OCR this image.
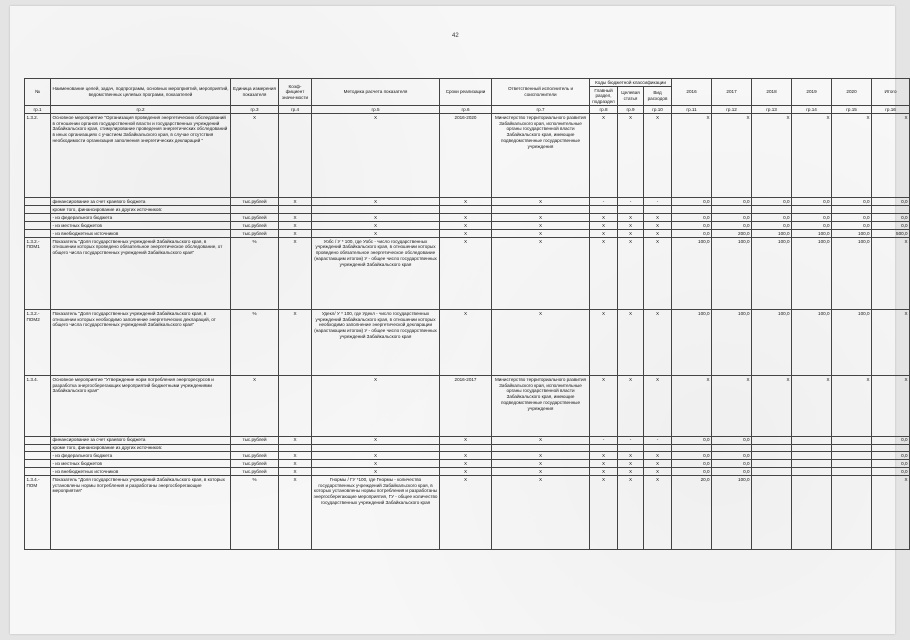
42
№	Наименование целей, задач, подпрограмм, основных мероприятий, мероприятий, ведомственных целевых программ, показателей	Единица измерения показателя	Коэф-фициент значи-мости	Методика расчета показателя	Сроки реализации	Ответственный исполнитель и соисполнители	Коды бюджетной классификации			2016	2017	2018	2019	2020	Итого
							Главный раздел, подраздел	Целевая статья	Вид расходов						
гр.1	гр.2	гр.3	гр.4	гр.5	гр.6	гр.7	гр.8	гр.9	гр.10	гр.11	гр.12	гр.13	гр.14	гр.15	гр.16
1.3.2.	Основное мероприятие "Организация проведения энергетических обследований в отношении органов государственной власти и государственных учреждений Забайкальского края, стимулирование проведения энергетических обследований в иных организациях с участием Забайкальского края, в случае отсутствия необходимости организация заполнения энергетических деклараций "	X		X	2016-2020	Министерство территориального развития Забайкальского края, исполнительные органы государственной власти Забайкальского края, имеющие подведомственные государственные учреждения	X	X	X	X	X	X	X	X	X
	финансирование за счет краевого бюджета	тыс.рублей	X	X	X	X	-	-	-	0,0	0,0	0,0	0,0	0,0	0,0
	кроме того, финансирование из других источников:														
	- из федерального бюджета	тыс.рублей	X	X	X	X	X	X	X	0,0	0,0	0,0	0,0	0,0	0,0
	- из местных бюджетов	тыс.рублей	X	X	X	X	X	X	X	0,0	0,0	0,0	0,0	0,0	0,0
	- из внебюджетных источников	тыс.рублей	X	X	X	X	X	X	X	0,0	200,0	100,0	100,0	100,0	500,0
1.3.2.-ПОМ1	Показатель "Доля государственных учреждений Забайкальского края, в отношении которых проведено обязательное энергетическое обследование, от общего числа государственных учреждений Забайкальского края"	%	X	Уобс / У * 100, где Уобс - число государственных учреждений Забайкальского края, в отношении которых проведено обязательное энергетическое обследование (нарастающим итогом) У - общее число государственных учреждений Забайкальского края	X	X	X	X	X	100,0	100,0	100,0	100,0	100,0	X
1.3.2.-ПОМ2	Показатель "Доля государственных учреждений Забайкальского края, в отношении которых необходимо заполнение энергетических деклараций, от общего числа государственных учреждений Забайкальского края"	%	X	Удекл/ У * 100, где Удекл - число государственных учреждений Забайкальского края, в отношении которых необходимо заполнение энергетической декларации (нарастающим итогом) У - общее число государственных учреждений Забайкальского края	X	X	X	X	X	100,0	100,0	100,0	100,0	100,0	X
1.3.4.	Основное мероприятие "Утверждение норм потребления энергоресурсов и разработка энергосберегающих мероприятий бюджетными учреждениями Забайкальского края"	X		X	2016-2017	Министерство территориального развития Забайкальского края, исполнительные органы государственной власти Забайкальского края, имеющие подведомственные государственные учреждения	X	X	X	X	X	X	X	X	X
	финансирование за счет краевого бюджета	тыс.рублей	X	X	X	X	-	-	-	0,0	0,0				0,0
	кроме того, финансирование из других источников:														
	- из федерального бюджета	тыс.рублей	X	X	X	X	X	X	X	0,0	0,0				0,0
	- из местных бюджетов	тыс.рублей	X	X	X	X	X	X	X	0,0	0,0				0,0
	- из внебюджетных источников	тыс.рублей	X	X	X	X	X	X	X	0,0	0,0				0,0
1.3.4.-ПОМ	Показатель "Доля государственных учреждений Забайкальского края, в которых установлены нормы потребления и разработаны энергосберегающие мероприятия"	%	X	Гнормы / ГУ *100, где Гнормы - количество государственных учреждений Забайкальского края, в которых установлены нормы потребления и разработаны энергосберегающие мероприятия, ГУ - общее количество государственных учреждений Забайкальского края	X	X	X	X	X	20,0	100,0				X
